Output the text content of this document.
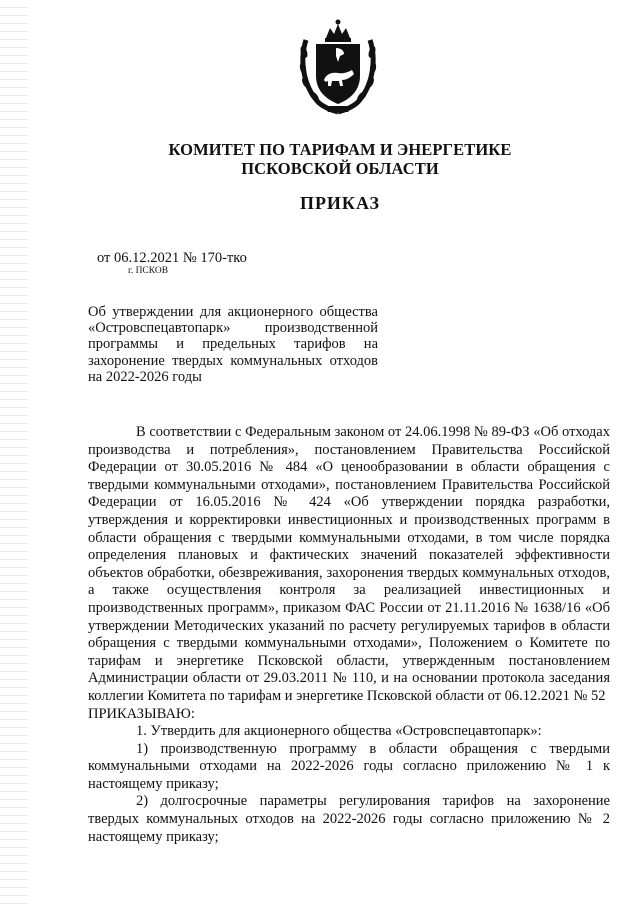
КОМИТЕТ ПО ТАРИФАМ И ЭНЕРГЕТИКЕ
ПСКОВСКОЙ ОБЛАСТИ
ПРИКАЗ
от 06.12.2021 № 170-тко
г. ПСКОВ
Об утверждении для акционерного общества «Островспецавтопарк» производственной программы и предельных тарифов на захоронение твердых коммунальных отходов на 2022-2026 годы

В соответствии с Федеральным законом от 24.06.1998 № 89-ФЗ «Об отходах производства и потребления», постановлением Правительства Российской Федерации от 30.05.2016 № 484 «О ценообразовании в области обращения с твердыми коммунальными отходами», постановлением Правительства Российской Федерации от 16.05.2016 № 424 «Об утверждении порядка разработки, утверждения и корректировки инвестиционных и производственных программ в области обращения с твердыми коммунальными отходами, в том числе порядка определения плановых и фактических значений показателей эффективности объектов обработки, обезвреживания, захоронения твердых коммунальных отходов, а также осуществления контроля за реализацией инвестиционных и производственных программ», приказом ФАС России от 21.11.2016 № 1638/16 «Об утверждении Методических указаний по расчету регулируемых тарифов в области обращения с твердыми коммунальными отходами», Положением о Комитете по тарифам и энергетике Псковской области, утвержденным постановлением Администрации области от 29.03.2011 № 110, и на основании протокола заседания коллегии Комитета по тарифам и энергетике Псковской области от 06.12.2021 № 52

ПРИКАЗЫВАЮ:

1. Утвердить для акционерного общества «Островспецавтопарк»:

1) производственную программу в области обращения с твердыми коммунальными отходами на 2022-2026 годы согласно приложению № 1 к настоящему приказу;

2) долгосрочные параметры регулирования тарифов на захоронение твердых коммунальных отходов на 2022-2026 годы согласно приложению № 2 настоящему приказу;
